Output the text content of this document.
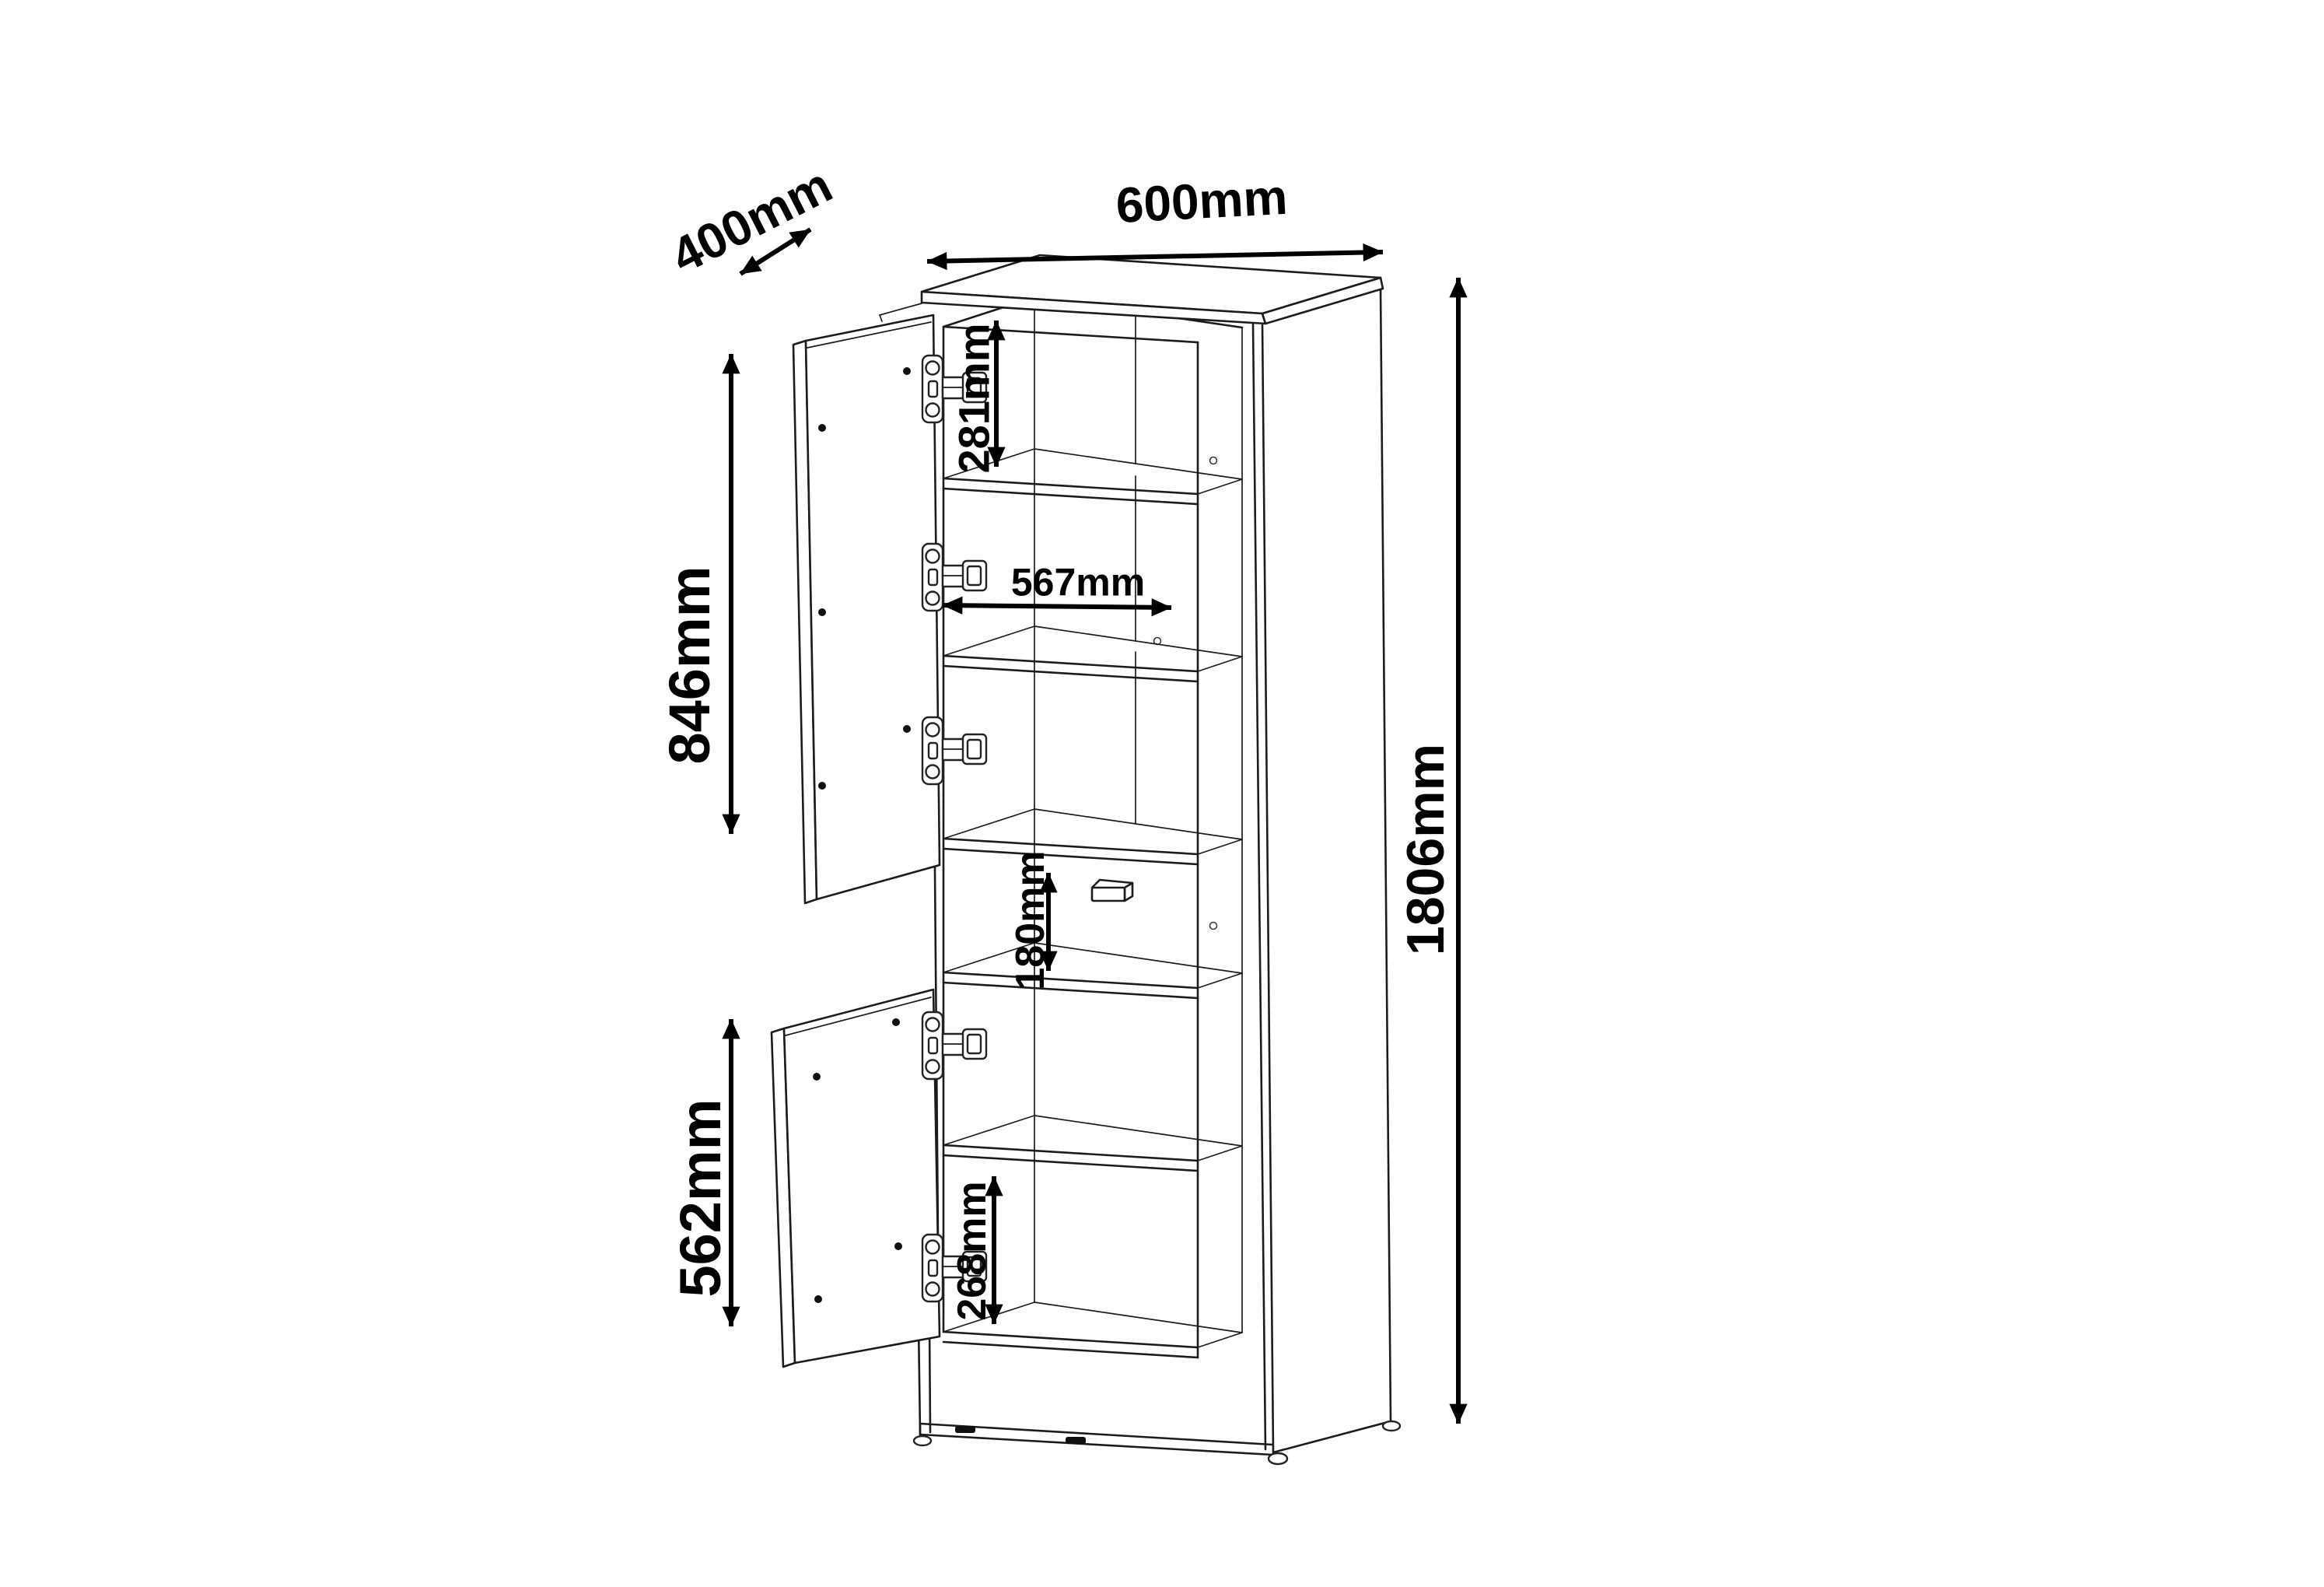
400mm	600mm
281mm
846mm	567mm
180mm	1806mm
562mm	268mm
